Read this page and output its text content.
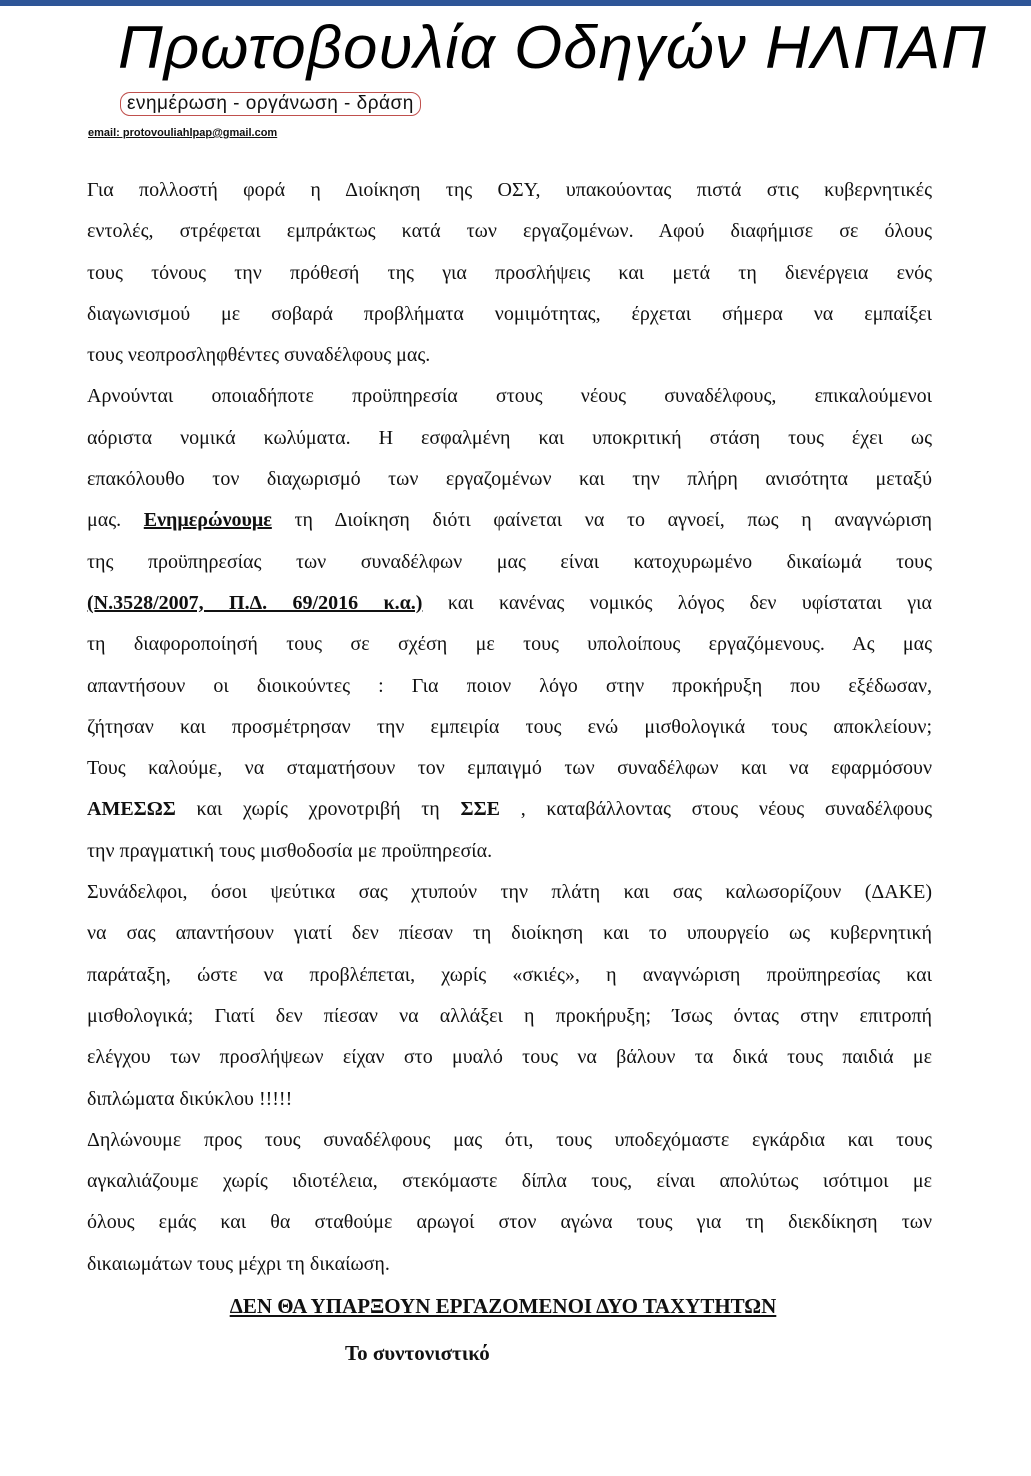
Πρωτοβουλία Οδηγών ΗΛΠΑΠ
ενημέρωση - οργάνωση - δράση
email: protovouliahlpap@gmail.com
Για πολλοστή φορά η Διοίκηση της ΟΣΥ, υπακούοντας πιστά στις κυβερνητικές
εντολές, στρέφεται εμπράκτως κατά των εργαζομένων. Αφού διαφήμισε σε όλους
τους τόνους την πρόθεσή της για προσλήψεις και μετά τη διενέργεια ενός
διαγωνισμού με σοβαρά προβλήματα νομιμότητας, έρχεται σήμερα να εμπαίξει
τους νεοπροσληφθέντες συναδέλφους μας.
Αρνούνται οποιαδήποτε προϋπηρεσία στους νέους συναδέλφους, επικαλούμενοι
αόριστα νομικά κωλύματα. Η εσφαλμένη και υποκριτική στάση τους έχει ως
επακόλουθο τον διαχωρισμό των εργαζομένων και την πλήρη ανισότητα μεταξύ
μας. Ενημερώνουμε τη Διοίκηση διότι φαίνεται να το αγνοεί, πως η αναγνώριση
της προϋπηρεσίας των συναδέλφων μας είναι κατοχυρωμένο δικαίωμά τους
(Ν.3528/2007, Π.Δ. 69/2016 κ.α.) και κανένας νομικός λόγος δεν υφίσταται για
τη διαφοροποίησή τους σε σχέση με τους υπολοίπους εργαζόμενους. Ας μας
απαντήσουν οι διοικούντες : Για ποιον λόγο στην προκήρυξη που εξέδωσαν,
ζήτησαν και προσμέτρησαν την εμπειρία τους ενώ μισθολογικά τους αποκλείουν;
Τους καλούμε, να σταματήσουν τον εμπαιγμό των συναδέλφων και να εφαρμόσουν
ΑΜΕΣΩΣ και χωρίς χρονοτριβή τη ΣΣΕ , καταβάλλοντας στους νέους συναδέλφους
την πραγματική τους μισθοδοσία με προϋπηρεσία.
Συνάδελφοι, όσοι ψεύτικα σας χτυπούν την πλάτη και σας καλωσορίζουν (ΔΑΚΕ)
να σας απαντήσουν γιατί δεν πίεσαν τη διοίκηση και το υπουργείο ως κυβερνητική
παράταξη, ώστε να προβλέπεται, χωρίς «σκιές», η αναγνώριση προϋπηρεσίας και
μισθολογικά; Γιατί δεν πίεσαν να αλλάξει η προκήρυξη; Ίσως όντας στην επιτροπή
ελέγχου των προσλήψεων είχαν στο μυαλό τους να βάλουν τα δικά τους παιδιά με
διπλώματα δικύκλου !!!!!
Δηλώνουμε προς τους συναδέλφους μας ότι, τους υποδεχόμαστε εγκάρδια και τους
αγκαλιάζουμε χωρίς ιδιοτέλεια, στεκόμαστε δίπλα τους, είναι απολύτως ισότιμοι με
όλους εμάς και θα σταθούμε αρωγοί στον αγώνα τους για τη διεκδίκηση των
δικαιωμάτων τους μέχρι τη δικαίωση.
ΔΕΝ ΘΑ ΥΠΑΡΞΟΥΝ ΕΡΓΑΖΟΜΕΝΟΙ ΔΥΟ ΤΑΧΥΤΗΤΩΝ
Το συντονιστικό
